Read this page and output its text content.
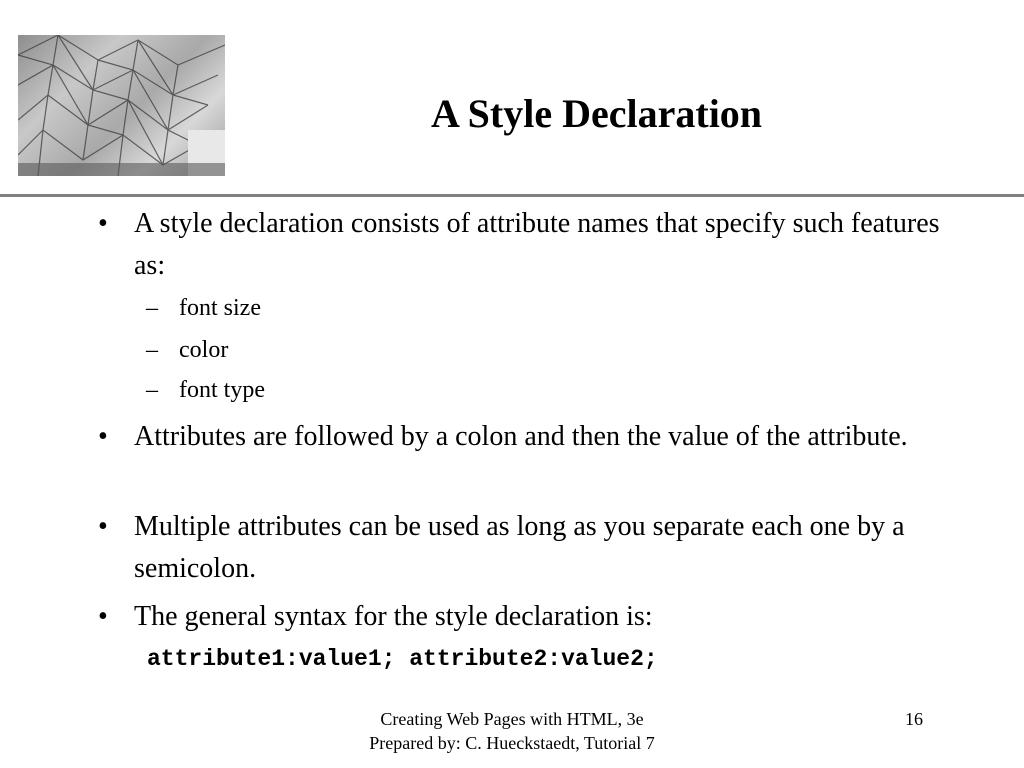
A Style Declaration
• A style declaration consists of attribute names that specify such features as:
– font size
– color
– font type
• Attributes are followed by a colon and then the value of the attribute.
• Multiple attributes can be used as long as you separate each one by a semicolon.
• The general syntax for the style declaration is:
attribute1:value1; attribute2:value2;
Creating Web Pages with HTML, 3e
Prepared by: C. Hueckstaedt, Tutorial 7
16
